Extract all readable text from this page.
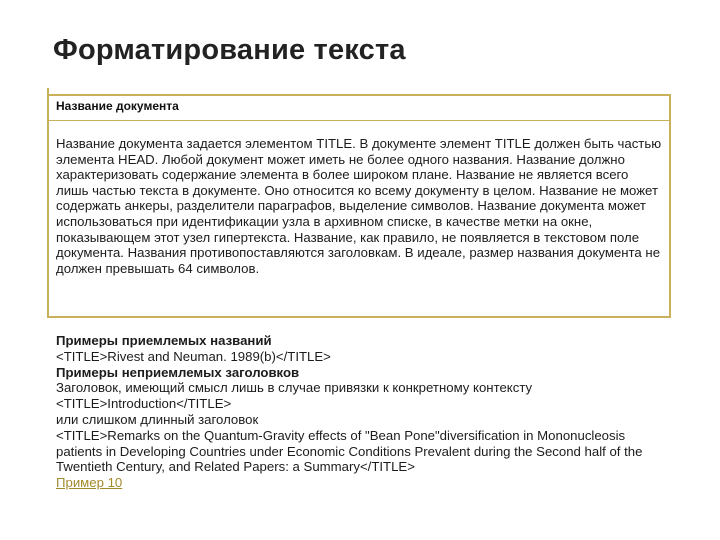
Форматирование текста
Название документа
Название документа задается элементом TITLE. В документе элемент TITLE должен быть частью элемента HEAD. Любой документ может иметь не более одного названия. Название должно характеризовать содержание элемента в более широком плане. Название не является всего лишь частью текста в документе. Оно относится ко всему документу в целом. Название не может содержать анкеры, разделители параграфов, выделение символов. Название документа может использоваться при идентификации узла в архивном списке, в качестве метки на окне, показывающем этот узел гипертекста. Название, как правило, не появляется в текстовом поле документа. Названия противопоставляются заголовкам. В идеале, размер названия документа не должен превышать 64 символов.
Примеры приемлемых названий
<TITLE>Rivest and Neuman. 1989(b)</TITLE>
Примеры неприемлемых заголовков
Заголовок, имеющий смысл лишь в случае привязки к конкретному контексту
<TITLE>Introduction</TITLE>
или слишком длинный заголовок
<TITLE>Remarks on the Quantum-Gravity effects of "Bean Pone"diversification in Mononucleosis patients in Developing Countries under Economic Conditions Prevalent during the Second half of the Twentieth Century, and Related Papers: a Summary</TITLE>
Пример 10
